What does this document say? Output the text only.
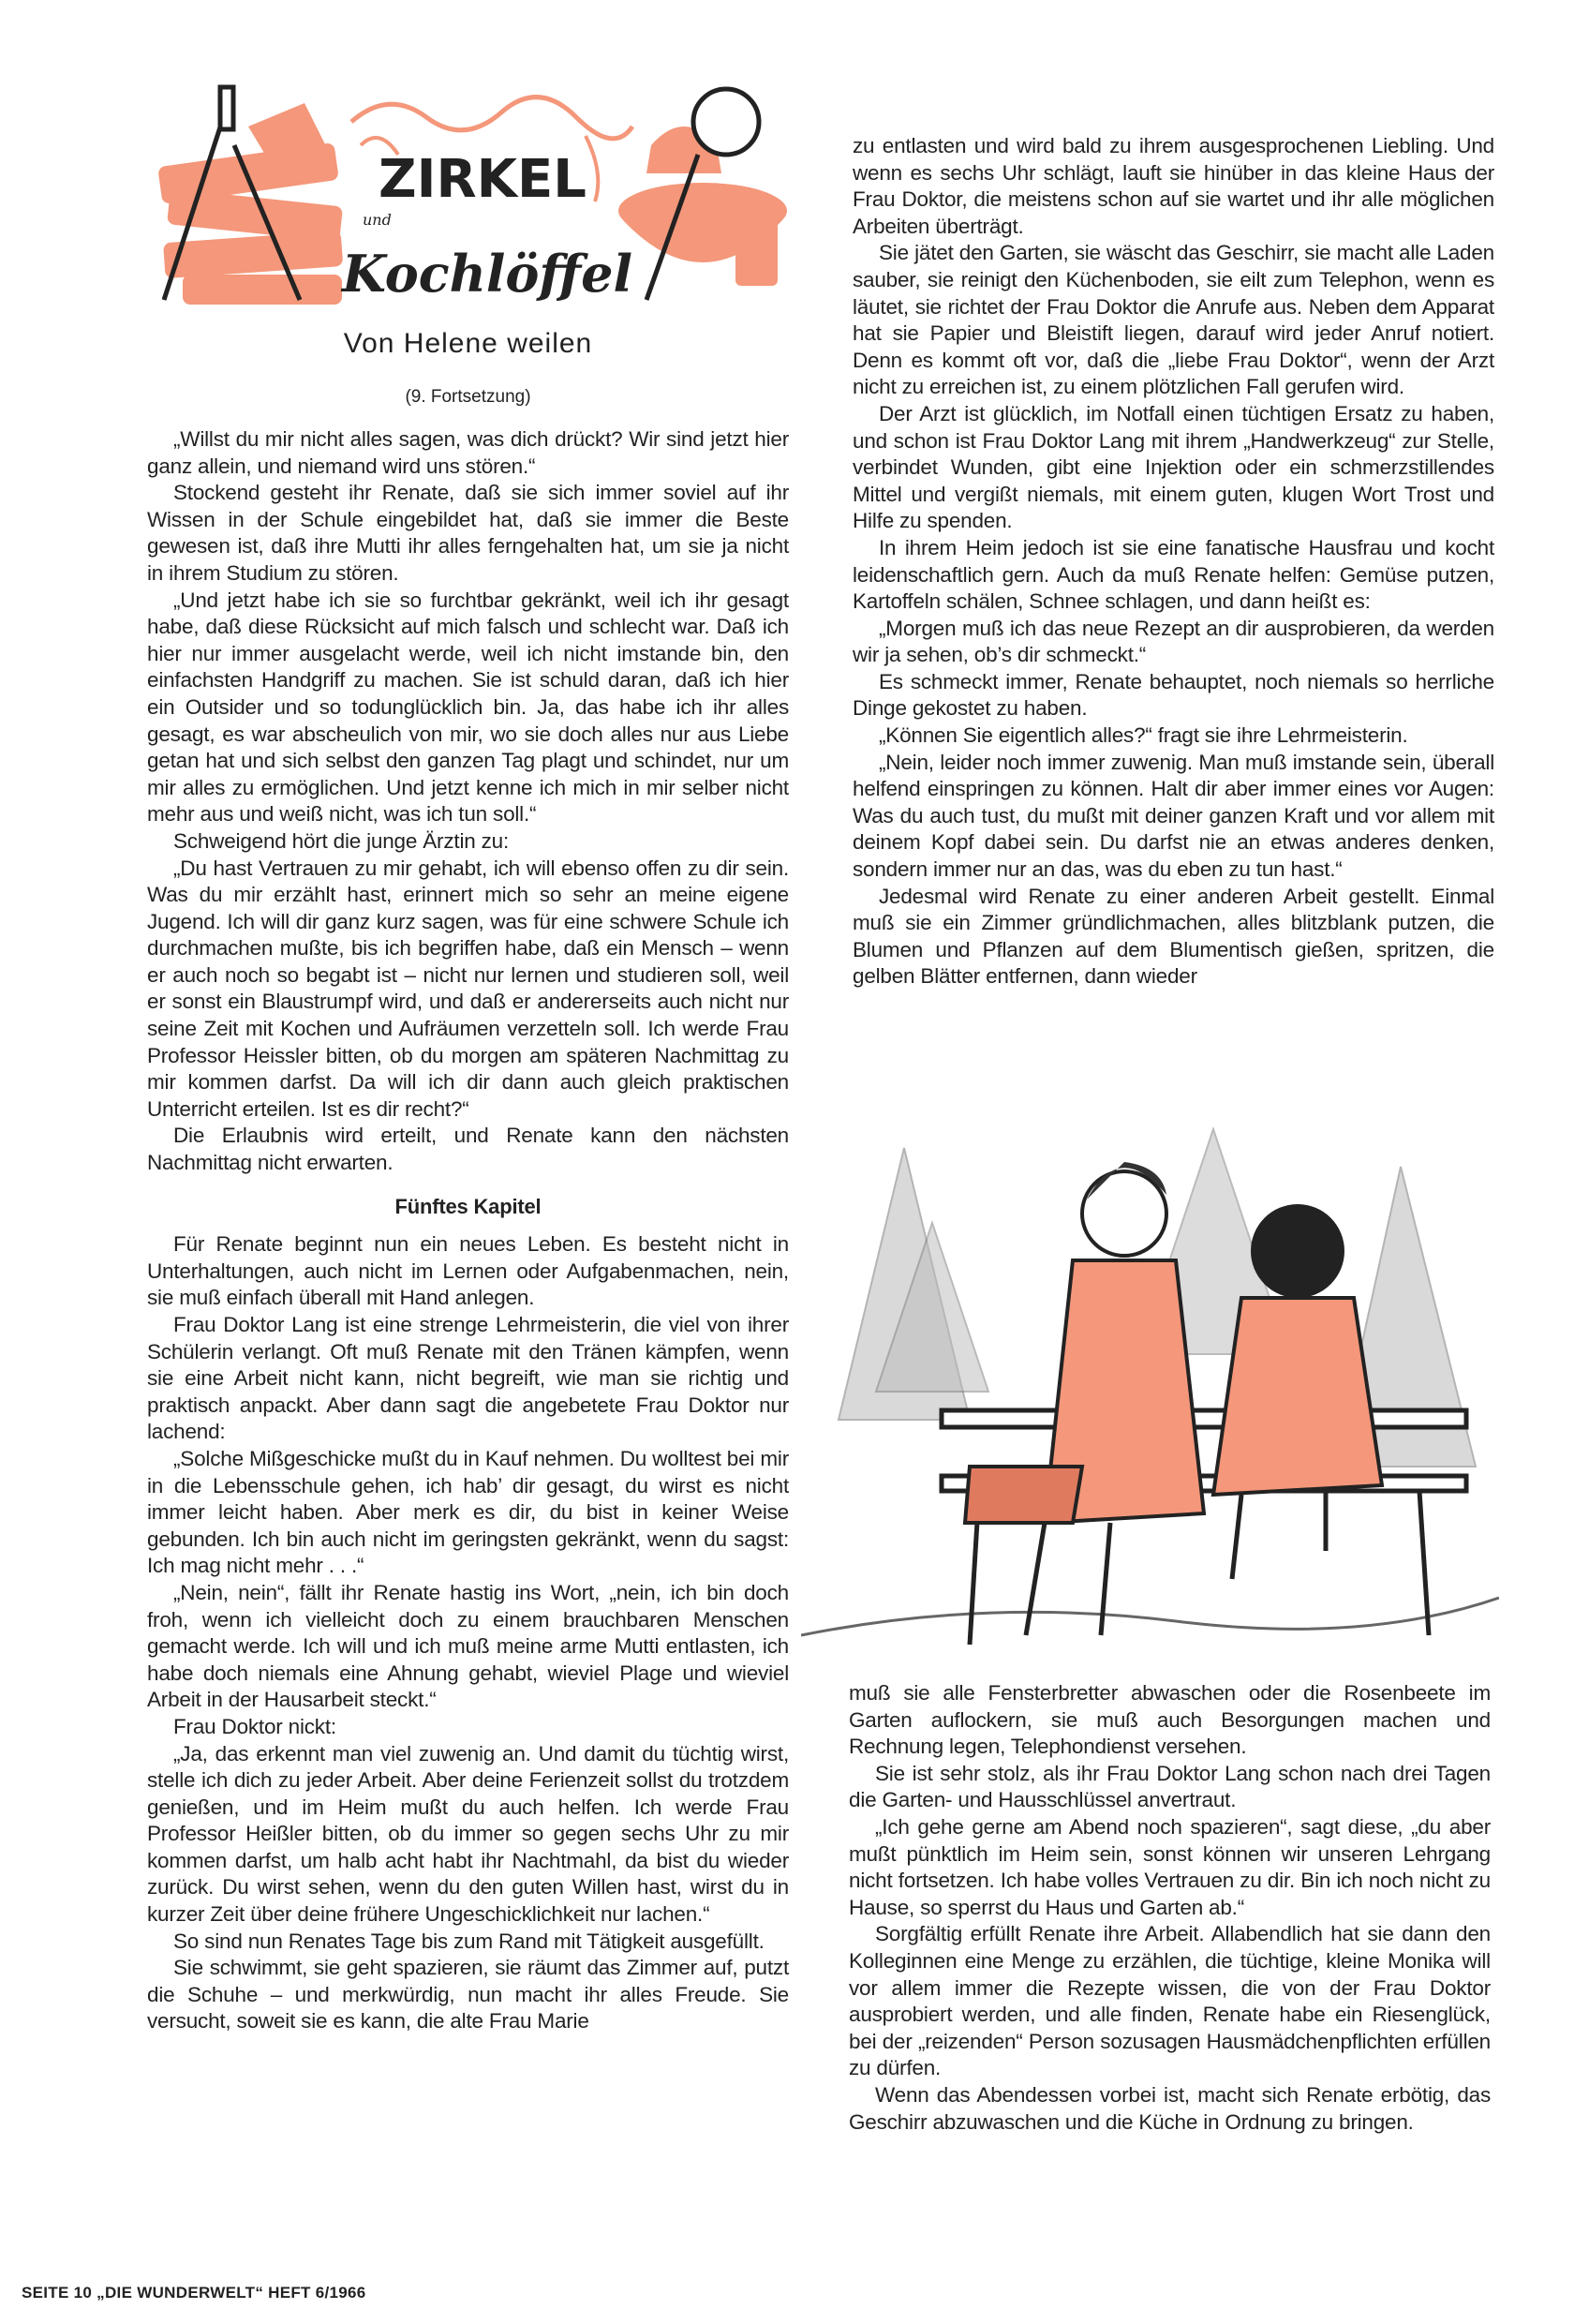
ZIRKEL
und
Kochlöffel
Von Helene weilen
(9. Fortsetzung)

„Willst du mir nicht alles sagen, was dich drückt? Wir sind jetzt hier ganz allein, und niemand wird uns stören.“

Stockend gesteht ihr Renate, daß sie sich immer soviel auf ihr Wissen in der Schule eingebildet hat, daß sie immer die Beste gewesen ist, daß ihre Mutti ihr alles ferngehalten hat, um sie ja nicht in ihrem Studium zu stören.

„Und jetzt habe ich sie so furchtbar gekränkt, weil ich ihr gesagt habe, daß diese Rücksicht auf mich falsch und schlecht war. Daß ich hier nur immer ausgelacht werde, weil ich nicht imstande bin, den einfachsten Handgriff zu machen. Sie ist schuld daran, daß ich hier ein Outsider und so todunglücklich bin. Ja, das habe ich ihr alles gesagt, es war abscheulich von mir, wo sie doch alles nur aus Liebe getan hat und sich selbst den ganzen Tag plagt und schindet, nur um mir alles zu ermöglichen. Und jetzt kenne ich mich in mir selber nicht mehr aus und weiß nicht, was ich tun soll.“

Schweigend hört die junge Ärztin zu:

„Du hast Vertrauen zu mir gehabt, ich will ebenso offen zu dir sein. Was du mir erzählt hast, erinnert mich so sehr an meine eigene Jugend. Ich will dir ganz kurz sagen, was für eine schwere Schule ich durchmachen mußte, bis ich begriffen habe, daß ein Mensch – wenn er auch noch so begabt ist – nicht nur lernen und studieren soll, weil er sonst ein Blaustrumpf wird, und daß er andererseits auch nicht nur seine Zeit mit Kochen und Aufräumen verzetteln soll. Ich werde Frau Professor Heissler bitten, ob du morgen am späteren Nachmittag zu mir kommen darfst. Da will ich dir dann auch gleich praktischen Unterricht erteilen. Ist es dir recht?“

Die Erlaubnis wird erteilt, und Renate kann den nächsten Nachmittag nicht erwarten.

Fünftes Kapitel

Für Renate beginnt nun ein neues Leben. Es besteht nicht in Unterhaltungen, auch nicht im Lernen oder Aufgabenmachen, nein, sie muß einfach überall mit Hand anlegen.

Frau Doktor Lang ist eine strenge Lehrmeisterin, die viel von ihrer Schülerin verlangt. Oft muß Renate mit den Tränen kämpfen, wenn sie eine Arbeit nicht kann, nicht begreift, wie man sie richtig und praktisch anpackt. Aber dann sagt die angebetete Frau Doktor nur lachend:

„Solche Mißgeschicke mußt du in Kauf nehmen. Du wolltest bei mir in die Lebensschule gehen, ich hab’ dir gesagt, du wirst es nicht immer leicht haben. Aber merk es dir, du bist in keiner Weise gebunden. Ich bin auch nicht im geringsten gekränkt, wenn du sagst: Ich mag nicht mehr . . .“

„Nein, nein“, fällt ihr Renate hastig ins Wort, „nein, ich bin doch froh, wenn ich vielleicht doch zu einem brauchbaren Menschen gemacht werde. Ich will und ich muß meine arme Mutti entlasten, ich habe doch niemals eine Ahnung gehabt, wieviel Plage und wieviel Arbeit in der Hausarbeit steckt.“

Frau Doktor nickt:

„Ja, das erkennt man viel zuwenig an. Und damit du tüchtig wirst, stelle ich dich zu jeder Arbeit. Aber deine Ferienzeit sollst du trotzdem genießen, und im Heim mußt du auch helfen. Ich werde Frau Professor Heißler bitten, ob du immer so gegen sechs Uhr zu mir kommen darfst, um halb acht habt ihr Nachtmahl, da bist du wieder zurück. Du wirst sehen, wenn du den guten Willen hast, wirst du in kurzer Zeit über deine frühere Ungeschicklichkeit nur lachen.“

So sind nun Renates Tage bis zum Rand mit Tätigkeit ausgefüllt.

Sie schwimmt, sie geht spazieren, sie räumt das Zimmer auf, putzt die Schuhe – und merkwürdig, nun macht ihr alles Freude. Sie versucht, soweit sie es kann, die alte Frau Marie

zu entlasten und wird bald zu ihrem ausgesprochenen Liebling. Und wenn es sechs Uhr schlägt, lauft sie hinüber in das kleine Haus der Frau Doktor, die meistens schon auf sie wartet und ihr alle möglichen Arbeiten überträgt.

Sie jätet den Garten, sie wäscht das Geschirr, sie macht alle Laden sauber, sie reinigt den Küchenboden, sie eilt zum Telephon, wenn es läutet, sie richtet der Frau Doktor die Anrufe aus. Neben dem Apparat hat sie Papier und Bleistift liegen, darauf wird jeder Anruf notiert. Denn es kommt oft vor, daß die „liebe Frau Doktor“, wenn der Arzt nicht zu erreichen ist, zu einem plötzlichen Fall gerufen wird.

Der Arzt ist glücklich, im Notfall einen tüchtigen Ersatz zu haben, und schon ist Frau Doktor Lang mit ihrem „Handwerkzeug“ zur Stelle, verbindet Wunden, gibt eine Injektion oder ein schmerzstillendes Mittel und vergißt niemals, mit einem guten, klugen Wort Trost und Hilfe zu spenden.

In ihrem Heim jedoch ist sie eine fanatische Hausfrau und kocht leidenschaftlich gern. Auch da muß Renate helfen: Gemüse putzen, Kartoffeln schälen, Schnee schlagen, und dann heißt es:

„Morgen muß ich das neue Rezept an dir ausprobieren, da werden wir ja sehen, ob’s dir schmeckt.“

Es schmeckt immer, Renate behauptet, noch niemals so herrliche Dinge gekostet zu haben.

„Können Sie eigentlich alles?“ fragt sie ihre Lehrmeisterin.

„Nein, leider noch immer zuwenig. Man muß imstande sein, überall helfend einspringen zu können. Halt dir aber immer eines vor Augen: Was du auch tust, du mußt mit deiner ganzen Kraft und vor allem mit deinem Kopf dabei sein. Du darfst nie an etwas anderes denken, sondern immer nur an das, was du eben zu tun hast.“

Jedesmal wird Renate zu einer anderen Arbeit gestellt. Einmal muß sie ein Zimmer gründlichmachen, alles blitzblank putzen, die Blumen und Pflanzen auf dem Blumentisch gießen, spritzen, die gelben Blätter entfernen, dann wieder

muß sie alle Fensterbretter abwaschen oder die Rosenbeete im Garten auflockern, sie muß auch Besorgungen machen und Rechnung legen, Telephondienst versehen.

Sie ist sehr stolz, als ihr Frau Doktor Lang schon nach drei Tagen die Garten- und Hausschlüssel anvertraut.

„Ich gehe gerne am Abend noch spazieren“, sagt diese, „du aber mußt pünktlich im Heim sein, sonst können wir unseren Lehrgang nicht fortsetzen. Ich habe volles Vertrauen zu dir. Bin ich noch nicht zu Hause, so sperrst du Haus und Garten ab.“

Sorgfältig erfüllt Renate ihre Arbeit. Allabendlich hat sie dann den Kolleginnen eine Menge zu erzählen, die tüchtige, kleine Monika will vor allem immer die Rezepte wissen, die von der Frau Doktor ausprobiert werden, und alle finden, Renate habe ein Riesenglück, bei der „reizenden“ Person sozusagen Hausmädchenpflichten erfüllen zu dürfen.

Wenn das Abendessen vorbei ist, macht sich Renate erbötig, das Geschirr abzuwaschen und die Küche in Ordnung zu bringen.

SEITE 10 „DIE WUNDERWELT“ HEFT 6/1966
